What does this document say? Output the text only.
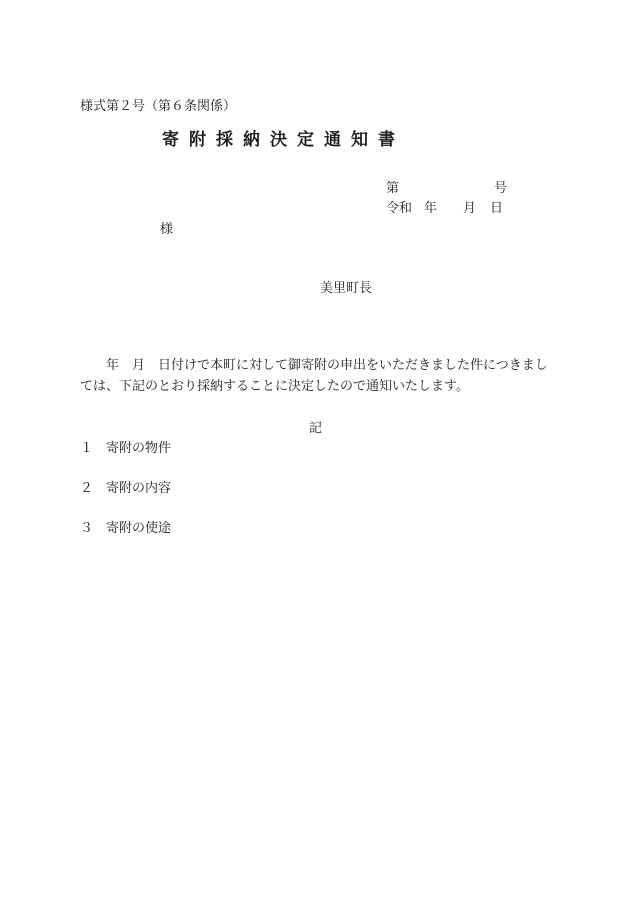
様式第２号（第６条関係）
寄附採納決定通知書
第	号
令和 年 月 日
様
美里町長
年　月　日付けで本町に対して御寄附の申出をいただきました件につきましては、下記のとおり採納することに決定したので通知いたします。
記
１ 寄附の物件
２ 寄附の内容
３ 寄附の使途
